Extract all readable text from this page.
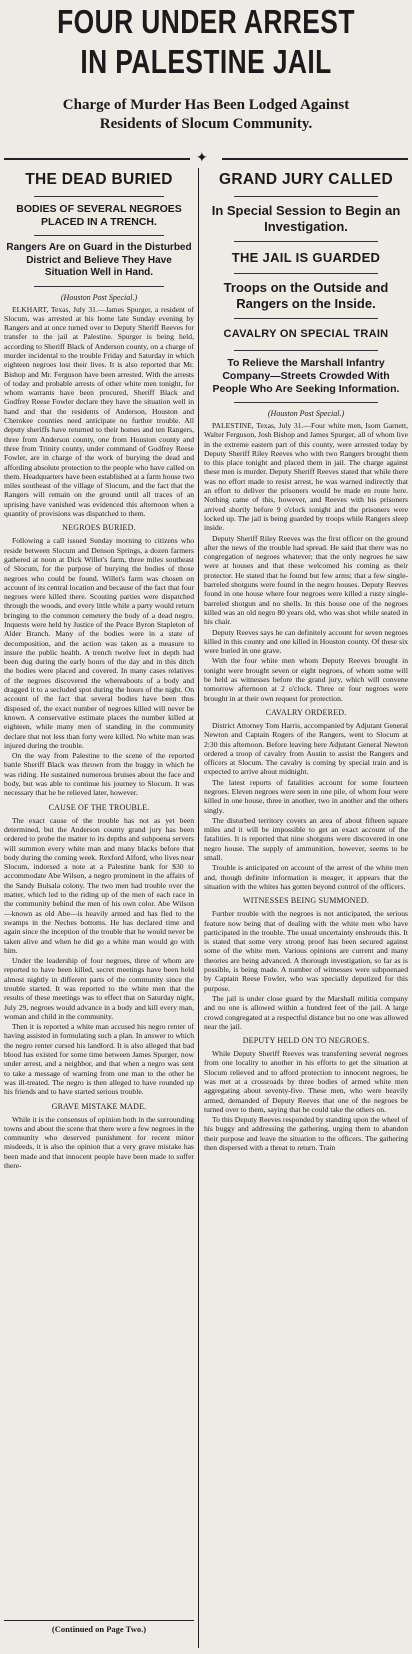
FOUR UNDER ARREST
IN PALESTINE JAIL
Charge of Murder Has Been Lodged Against
Residents of Slocum Community.
✦
THE DEAD BURIED
BODIES OF SEVERAL NEGROES PLACED IN A TRENCH.
Rangers Are on Guard in the Disturbed District and Believe They Have Situation Well in Hand.
(Houston Post Special.)

ELKHART, Texas, July 31.—James Spurger, a resident of Slocum, was arrested at his home late Sunday evening by Rangers and at once turned over to Deputy Sheriff Reeves for transfer to the jail at Palestine. Spurger is being held, according to Sheriff Black of Anderson county, on a charge of murder incidental to the trouble Friday and Saturday in which eighteen negroes lost their lives. It is also reported that Mr. Bishop and Mr. Ferguson have been arrested. With the arrests of today and probable arrests of other white men tonight, for whom warrants have been procured, Sheriff Black and Godfrey Reese Fowler declare they have the situation well in hand and that the residents of Anderson, Houston and Cherokee counties need anticipate no further trouble. All deputy sheriffs have returned to their homes and ten Rangers, three from Anderson county, one from Houston county and three from Trinity county, under command of Godfrey Reese Fowler, are in charge of the work of burying the dead and affording absolute protection to the people who have called on them. Headquarters have been established at a farm house two miles southeast of the village of Slocum, and the fact that the Rangers will remain on the ground until all traces of an uprising have vanished was evidenced this afternoon when a quantity of provisions was dispatched to them.

NEGROES BURIED.

Following a call issued Sunday morning to citizens who reside between Slocum and Denson Springs, a dozen farmers gathered at noon at Dick Willet's farm, three miles southeast of Slocum, for the purpose of burying the bodies of those negroes who could be found. Willet's farm was chosen on account of its central location and because of the fact that four negroes were killed there. Scouting parties were dispatched through the woods, and every little while a party would return bringing to the common cemetery the body of a dead negro. Inquests were held by Justice of the Peace Byron Stapleton of Alder Branch. Many of the bodies were in a state of decomposition, and the action was taken as a measure to insure the public health. A trench twelve feet in depth had been dug during the early hours of the day and in this ditch the bodies were placed and covered. In many cases relatives of the negroes discovered the whereabouts of a body and dragged it to a secluded spot during the hours of the night. On account of the fact that several bodies have been thus disposed of, the exact number of negroes killed will never be known. A conservative estimate places the number killed at eighteen, while many men of standing in the community declare that not less than forty were killed. No white man was injured during the trouble.

On the way from Palestine to the scene of the reported battle Sheriff Black was thrown from the buggy in which he was riding. He sustained numerous bruises about the face and body, but was able to continue his journey to Slocum. It was necessary that he be relieved later, however.

CAUSE OF THE TROUBLE.

The exact cause of the trouble has not as yet been determined, but the Anderson county grand jury has been ordered to probe the matter to its depths and subpoena servers will summon every white man and many blacks before that body during the coming week. Rexford Alford, who lives near Slocum, indorsed a note at a Palestine bank for $30 to accommodate Abe Wilson, a negro prominent in the affairs of the Sandy Bulsala colony. The two men had trouble over the matter, which led to the riding up of the men of each race in the community behind the men of his own color. Abe Wilson—known as old Abe—is heavily armed and has fled to the swamps in the Neches bottoms. He has declared time and again since the inception of the trouble that he would never be taken alive and when he did go a white man would go with him.

Under the leadership of four negroes, three of whom are reported to have been killed, secret meetings have been held almost nightly in different parts of the community since the trouble started. It was reported to the white men that the results of these meetings was to effect that on Saturday night, July 29, negroes would advance in a body and kill every man, woman and child in the community.

Then it is reported a white man accused his negro renter of having assisted in formulating such a plan. In answer to which the negro renter cursed his landlord. It is also alleged that bad blood has existed for some time between James Spurger, now under arrest, and a neighbor, and that when a negro was sent to take a message of warning from one man to the other he was ill-treated. The negro is then alleged to have rounded up his friends and to have started serious trouble.

GRAVE MISTAKE MADE.

While it is the consensus of opinion both in the surrounding towns and about the scene that there were a few negroes in the community who deserved punishment for recent minor misdeeds, it is also the opinion that a very grave mistake has been made and that innocent people have been made to suffer there-

(Continued on Page Two.)
GRAND JURY CALLED
In Special Session to Begin an Investigation.
THE JAIL IS GUARDED
Troops on the Outside and Rangers on the Inside.
CAVALRY ON SPECIAL TRAIN
To Relieve the Marshall Infantry Company—Streets Crowded With People Who Are Seeking Information.
(Houston Post Special.)

PALESTINE, Texas, July 31.—Four white men, Isom Garnett, Walter Ferguson, Josh Bishop and James Spurger, all of whom live in the extreme eastern part of this county, were arrested today by Deputy Sheriff Riley Reeves who with two Rangers brought them to this place tonight and placed them in jail. The charge against these men is murder. Deputy Sheriff Reeves stated that while there was no effort made to resist arrest, he was warned indirectly that an effort to deliver the prisoners would be made en route here. Nothing came of this, however, and Reeves with his prisoners arrived shortly before 9 o'clock tonight and the prisoners were locked up. The jail is being guarded by troops while Rangers sleep inside.

Deputy Sheriff Riley Reeves was the first officer on the ground after the news of the trouble had spread. He said that there was no congregation of negroes whatever; that the only negroes he saw were at houses and that these welcomed his coming as their protector. He stated that he found but few arms; that a few single-barreled shotguns were found in the negro houses. Deputy Reeves found in one house where four negroes were killed a rusty single-barreled shotgun and no shells. In this house one of the negroes killed was an old negro 80 years old, who was shot while seated in his chair.

Deputy Reeves says he can definitely account for seven negroes killed in this county and one killed in Houston county. Of these six were buried in one grave.

With the four white men whom Deputy Reeves brought in tonight were brought seven or eight negroes, of whom some will be held as witnesses before the grand jury, which will convene tomorrow afternoon at 2 o'clock. Three or four negroes were brought in at their own request for protection.

CAVALRY ORDERED.

District Attorney Tom Harris, accompanied by Adjutant General Newton and Captain Rogers of the Rangers, went to Slocum at 2:30 this afternoon. Before leaving here Adjutant General Newton ordered a troop of cavalry from Austin to assist the Rangers and officers at Slocum. The cavalry is coming by special train and is expected to arrive about midnight.

The latest reports of fatalities account for some fourteen negroes. Eleven negroes were seen in one pile, of whom four were killed in one house, three in another, two in another and the others singly.

The disturbed territory covers an area of about fifteen square miles and it will be impossible to get an exact account of the fatalities. It is reported that nine shotguns were discovered in one negro house. The supply of ammunition, however, seems to be small.

Trouble is anticipated on account of the arrest of the white men and, though definite information is meager, it appears that the situation with the whites has gotten beyond control of the officers.

WITNESSES BEING SUMMONED.

Further trouble with the negroes is not anticipated, the serious feature now being that of dealing with the white men who have participated in the trouble. The usual uncertainty enshrouds this. It is stated that some very strong proof has been secured against some of the white men. Various opinions are current and many theories are being advanced. A thorough investigation, so far as is possible, is being made. A number of witnesses were subpoenaed by Captain Reese Fowler, who was specially deputized for this purpose.

The jail is under close guard by the Marshall militia company and no one is allowed within a hundred feet of the jail. A large crowd congregated at a respectful distance but no one was allowed near the jail.

DEPUTY HELD ON TO NEGROES.

While Deputy Sheriff Reeves was transferring several negroes from one locality to another in his efforts to get the situation at Slocum relieved and to afford protection to innocent negroes, he was met at a crossroads by three bodies of armed white men aggregating about seventy-five. These men, who were heavily armed, demanded of Deputy Reeves that one of the negroes be turned over to them, saying that he could take the others on.

To this Deputy Reeves responded by standing upon the wheel of his buggy and addressing the gathering, urging them to abandon their purpose and leave the situation to the officers. The gathering then dispersed with a threat to return. Train
